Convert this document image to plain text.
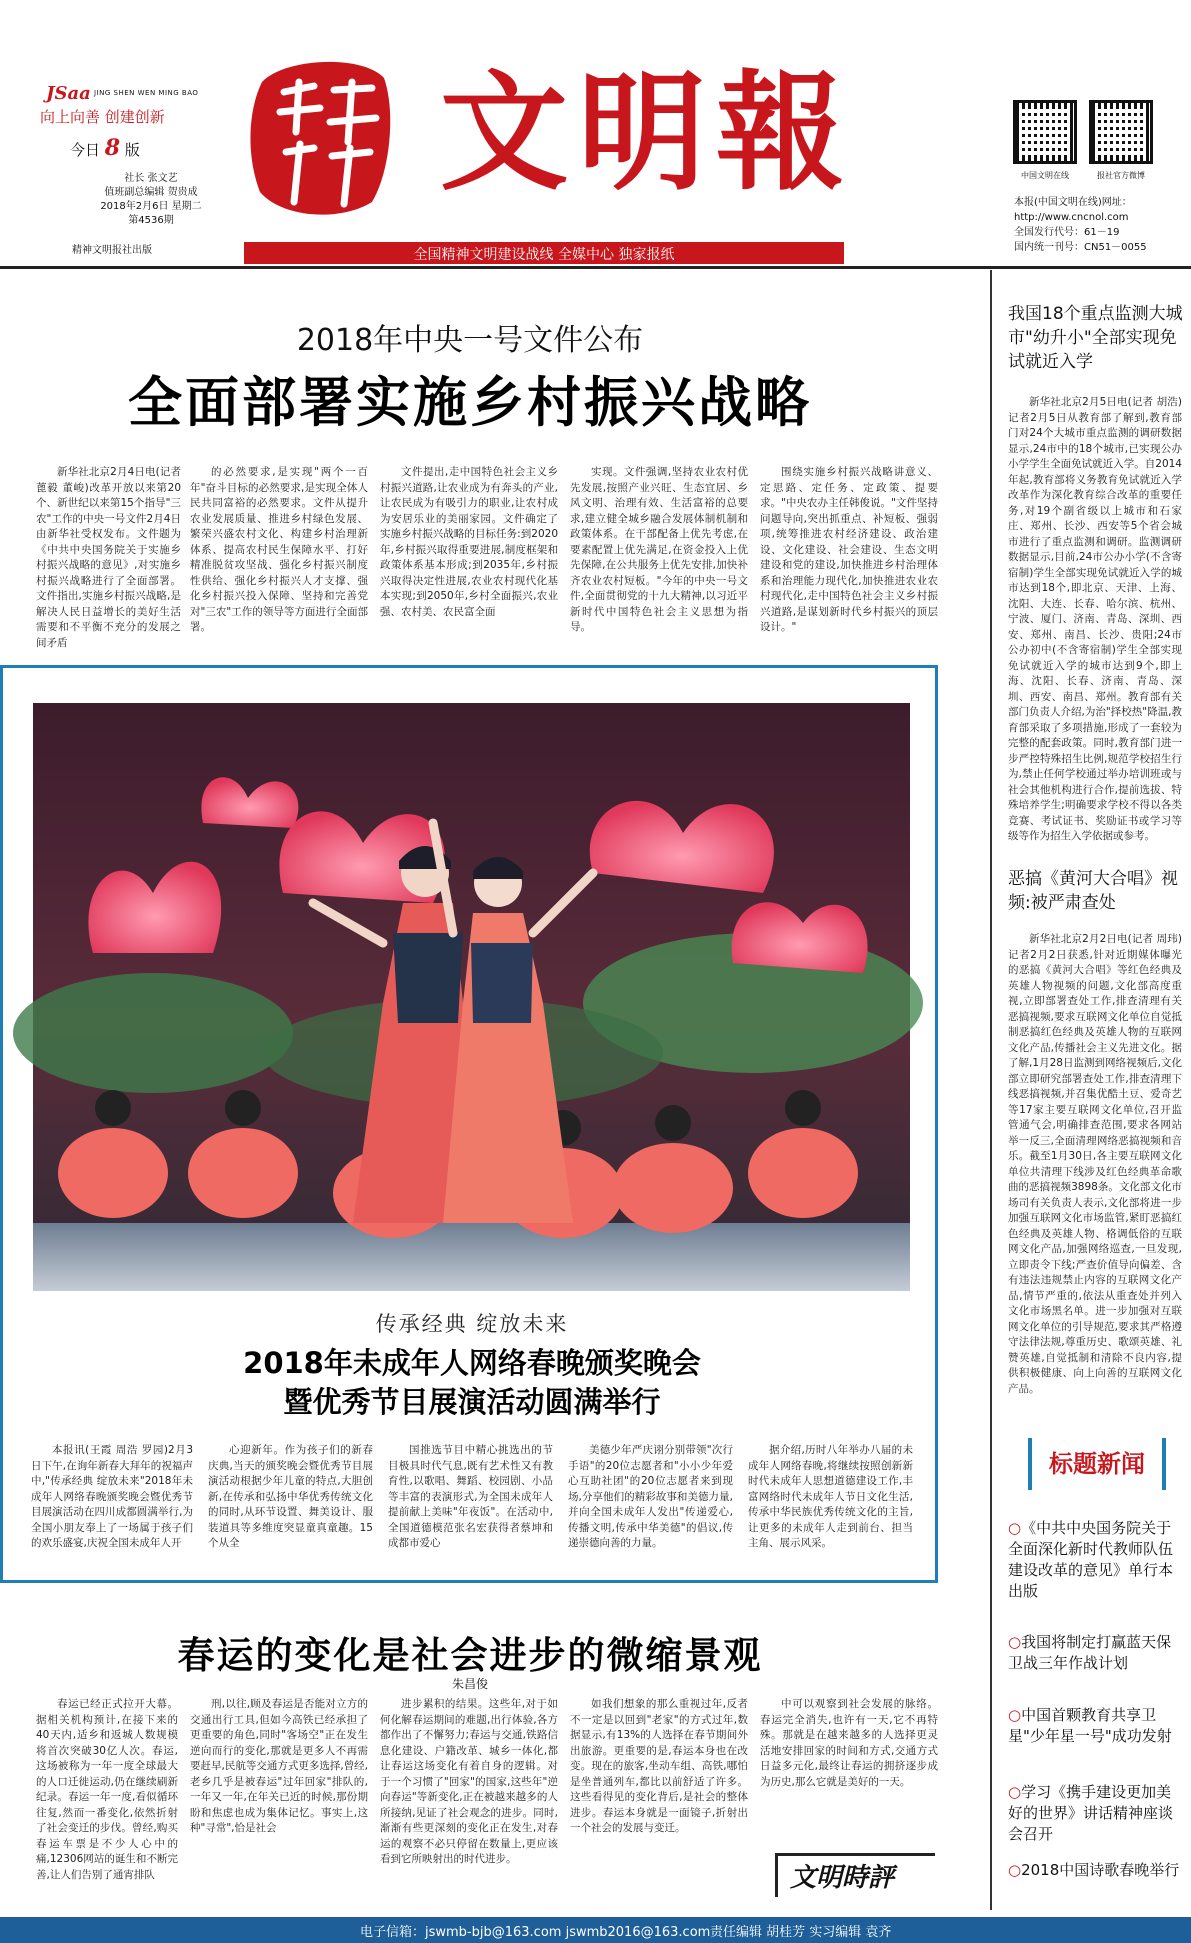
JSaa JING SHEN WEN MING BAO
向上向善 创建创新
今日 8 版
社长 张文艺
值班副总编辑 贺贵成
2018年2月6日 星期二
第4536期
精神文明报社出版
文明報	中国文明在线	报社官方微博
本报(中国文明在线)网址：
http://www.cncnol.com
全国发行代号：61－19
国内统一刊号：CN51－0055
全国精神文明建设战线 全媒中心 独家报纸
2018年中央一号文件公布
全面部署实施乡村振兴战略

新华社北京2月4日电(记者 蓖毅 董峻)改革开放以来第20个、新世纪以来第15个指导"三农"工作的中央一号文件2月4日由新华社受权发布。文件题为《中共中央国务院关于实施乡村振兴战略的意见》,对实施乡村振兴战略进行了全面部署。文件指出,实施乡村振兴战略,是解决人民日益增长的美好生活需要和不平衡不充分的发展之间矛盾

的必然要求,是实现"两个一百年"奋斗目标的必然要求,是实现全体人民共同富裕的必然要求。文件从提升农业发展质量、推进乡村绿色发展、繁荣兴盛农村文化、构建乡村治理新体系、提高农村民生保障水平、打好精准脱贫攻坚战、强化乡村振兴制度性供给、强化乡村振兴人才支撑、强化乡村振兴投入保障、坚持和完善党对"三农"工作的领导等方面进行全面部署。

文件提出,走中国特色社会主义乡村振兴道路,让农业成为有奔头的产业,让农民成为有吸引力的职业,让农村成为安居乐业的美丽家园。文件确定了实施乡村振兴战略的目标任务:到2020年,乡村振兴取得重要进展,制度框架和政策体系基本形成;到2035年,乡村振兴取得决定性进展,农业农村现代化基本实现;到2050年,乡村全面振兴,农业强、农村美、农民富全面

实现。文件强调,坚持农业农村优先发展,按照产业兴旺、生态宜居、乡风文明、治理有效、生活富裕的总要求,建立健全城乡融合发展体制机制和政策体系。在干部配备上优先考虑,在要素配置上优先满足,在资金投入上优先保障,在公共服务上优先安排,加快补齐农业农村短板。"今年的中央一号文件,全面贯彻党的十九大精神,以习近平新时代中国特色社会主义思想为指导。

围绕实施乡村振兴战略讲意义、定思路、定任务、定政策、提要求。"中央农办主任韩俊说。"文件坚持问题导向,突出抓重点、补短板、强弱项,统筹推进农村经济建设、政治建设、文化建设、社会建设、生态文明建设和党的建设,加快推进乡村治理体系和治理能力现代化,加快推进农业农村现代化,走中国特色社会主义乡村振兴道路,是谋划新时代乡村振兴的顶层设计。"

传承经典 绽放未来
2018年未成年人网络春晚颁奖晚会
暨优秀节目展演活动圆满举行

本报讯(王霞 周浩 罗园)2月3日下午,在询年新春大拜年的祝福声中,"传承经典 绽放未来"2018年未成年人网络春晚颁奖晚会暨优秀节目展演活动在四川成都圆满举行,为全国小朋友奉上了一场属于孩子们的欢乐盛宴,庆祝全国未成年人开

心迎新年。作为孩子们的新春庆典,当天的颁奖晚会暨优秀节目展演活动根据少年儿童的特点,大胆创新,在传承和弘扬中华优秀传统文化的同时,从环节设置、舞美设计、服装道具等多维度突显童真童趣。15个从全

国推选节目中精心挑选出的节目极具时代气息,既有艺术性又有教育性,以歌唱、舞蹈、校园剧、小品等丰富的表演形式,为全国未成年人提前献上美味"年夜饭"。在活动中,全国道德模范张名宏获得者蔡坤和成都市爱心

美德少年严庆诩分别带领"次行手语"的20位志愿者和"小小少年爱心互助社团"的20位志愿者来到现场,分享他们的精彩故事和美德力量,并向全国未成年人发出"传递爱心,传播文明,传承中华美德"的倡议,传递崇德向善的力量。

据介绍,历时八年举办八届的未成年人网络春晚,将继续按照创新新时代未成年人思想道德建设工作,丰富网络时代未成年人节日文化生活,传承中华民族优秀传统文化的主旨,让更多的未成年人走到前台、担当主角、展示风采。

春运的变化是社会进步的微缩景观
朱昌俊

春运已经正式拉开大幕。据相关机构预计,在接下来的40天内,适乡和返城人数规模将首次突破30亿人次。春运,这场被称为一年一度全球最大的人口迁徙运动,仍在继续刷新纪录。春运一年一度,看似循环往复,然而一番变化,依然折射了社会变迁的步伐。曾经,购买春运车票是不少人心中的痛,12306网站的诞生和不断完善,让人们告别了通宵排队

刑,以往,顾及春运是否能对立方的交通出行工具,但如今高铁已经承担了更重要的角色,同时"客场空"正在发生逆向而行的变化,那就是更多人不再需要赶早,民航等交通方式更多选择,曾经,老乡几乎是被春运"过年回家"排队的,一年又一年,在年关已近的时候,那份期盼和焦虑也成为集体记忆。事实上,这种"寻常",恰是社会

进步累积的结果。这些年,对于如何化解春运期间的难题,出行体验,各方都作出了不懈努力;春运与交通,铁路信息化建设、户籍改革、城乡一体化,都让春运这场变化有着自身的逻辑。对于一个习惯了"回家"的国家,这些年"逆向春运"等新变化,正在被越来越多的人所接纳,见证了社会观念的进步。同时,渐渐有些更深刻的变化正在发生,对春运的观察不必只停留在数量上,更应该看到它所映射出的时代进步。

如我们想象的那么重视过年,反者不一定是以回到"老家"的方式过年,数据显示,有13%的人选择在春节期间外出旅游。更重要的是,春运本身也在改变。现在的旅客,坐动车组、高铁,哪怕是坐普通列车,都比以前舒适了许多。这些看得见的变化背后,是社会的整体进步。春运本身就是一面镜子,折射出一个社会的发展与变迁。

中可以观察到社会发展的脉络。春运完全消失,也许有一天,它不再特殊。那就是在越来越多的人选择更灵活地安排回家的时间和方式,交通方式日益多元化,最终让春运的拥挤逐步成为历史,那么它就是美好的一天。

文明時評
我国18个重点监测大城市"幼升小"全部实现免试就近入学

新华社北京2月5日电(记者 胡浩)记者2月5日从教育部了解到,教育部门对24个大城市重点监测的调研数据显示,24市中的18个城市,已实现公办小学学生全面免试就近入学。自2014年起,教育部将义务教育免试就近入学改革作为深化教育综合改革的重要任务,对19个副省级以上城市和石家庄、郑州、长沙、西安等5个省会城市进行了重点监测和调研。监测调研数据显示,目前,24市公办小学(不含寄宿制)学生全部实现免试就近入学的城市达到18个,即北京、天津、上海、沈阳、大连、长春、哈尔滨、杭州、宁波、厦门、济南、青岛、深圳、西安、郑州、南昌、长沙、贵阳;24市公办初中(不含寄宿制)学生全部实现免试就近入学的城市达到9个,即上海、沈阳、长春、济南、青岛、深圳、西安、南昌、郑州。教育部有关部门负责人介绍,为治"择校热"降温,教育部采取了多项措施,形成了一套较为完整的配套政策。同时,教育部门进一步严控特殊招生比例,规范学校招生行为,禁止任何学校通过举办培训班或与社会其他机构进行合作,提前选拔、特殊培养学生;明确要求学校不得以各类竞赛、考试证书、奖励证书或学习等级等作为招生入学依据或参考。

恶搞《黄河大合唱》视频:被严肃查处

新华社北京2月2日电(记者 周玮)记者2月2日获悉,针对近期媒体曝光的恶搞《黄河大合唱》等红色经典及英雄人物视频的问题,文化部高度重视,立即部署查处工作,排查清理有关恶搞视频,要求互联网文化单位自觉抵制恶搞红色经典及英雄人物的互联网文化产品,传播社会主义先进文化。据了解,1月28日监测到网络视频后,文化部立即研究部署查处工作,排查清理下线恶搞视频,并召集优酷土豆、爱奇艺等17家主要互联网文化单位,召开监管通气会,明确排查范围,要求各网站举一反三,全面清理网络恶搞视频和音乐。截至1月30日,各主要互联网文化单位共清理下线涉及红色经典革命歌曲的恶搞视频3898条。文化部文化市场司有关负责人表示,文化部将进一步加强互联网文化市场监管,紧盯恶搞红色经典及英雄人物、格调低俗的互联网文化产品,加强网络巡查,一旦发现,立即责令下线;严查价值导向偏差、含有违法违规禁止内容的互联网文化产品,情节严重的,依法从重查处并列入文化市场黑名单。进一步加强对互联网文化单位的引导规范,要求其严格遵守法律法规,尊重历史、歌颂英雄、礼赞英雄,自觉抵制和清除不良内容,提供积极健康、向上向善的互联网文化产品。

标题新闻
○《中共中央国务院关于全面深化新时代教师队伍建设改革的意见》单行本出版
○我国将制定打赢蓝天保卫战三年作战计划
○中国首颗教育共享卫星"少年星一号"成功发射
○学习《携手建设更加美好的世界》讲话精神座谈会召开
○2018中国诗歌春晚举行
电子信箱：jswmb-bjb@163.com jswmb2016@163.com 责任编辑 胡桂芳 实习编辑 袁齐
